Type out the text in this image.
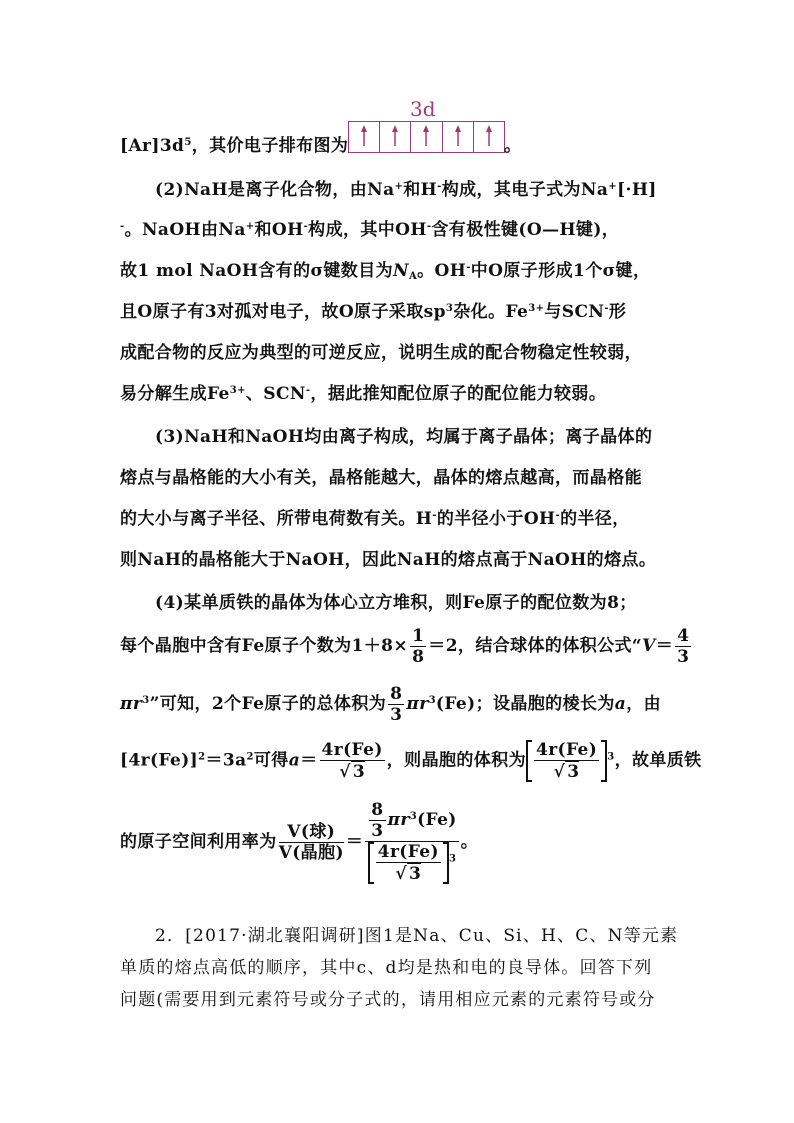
$[Ar]3d^5$，其价电子排布图为
3d
。
(2)NaH是离子化合物，由Na+和H-构成，其电子式为Na+[·H]
-。NaOH由Na+和OH-构成，其中OH-含有极性键(O—H键)，
故1 mol NaOH含有的σ键数目为$N_A$。OH-中O原子形成1个σ键，
且O原子有3对孤对电子，故O原子采取$sp^3$杂化。$Fe^{3+}$与SCN-形
成配合物的反应为典型的可逆反应，说明生成的配合物稳定性较弱，
易分解生成$Fe^{3+}$、SCN-，据此推知配位原子的配位能力较弱。
(3)NaH和NaOH均由离子构成，均属于离子晶体；离子晶体的
熔点与晶格能的大小有关，晶格能越大，晶体的熔点越高，而晶格能
的大小与离子半径、所带电荷数有关。H-的半径小于OH-的半径，
则NaH的晶格能大于NaOH，因此NaH的熔点高于NaOH的熔点。
(4)某单质铁的晶体为体心立方堆积，则Fe原子的配位数为8；
每个晶胞中含有Fe原子个数为$1+8\times \frac{1}{8} =2$，结合球体的体积公式“$V= \frac{4}{3}$
$\pi r^3$”可知，2个Fe原子的总体积为 $\frac{8}{3} \pi r^3(Fe)$；设晶胞的棱长为a，由
$[4r(Fe)]^2=3a^2$可得$a= \frac{4r(Fe)}{√ 3}$ ，则晶胞的体积为 $\frac{4r(Fe)}{√ 3} ^3$，故单质铁
的原子空间利用率为 $\frac{\text{V(球)}}{\text{V(晶胞)}} = \frac{\frac{8}{3} \pi r^3(Fe)}{\frac{4r(Fe)}{√ 3} ^3}$ 。
2．[2017·湖北襄阳调研]图1是Na、Cu、Si、H、C、N等元素
单质的熔点高低的顺序，其中c、d均是热和电的良导体。回答下列
问题(需要用到元素符号或分子式的，请用相应元素的元素符号或分
